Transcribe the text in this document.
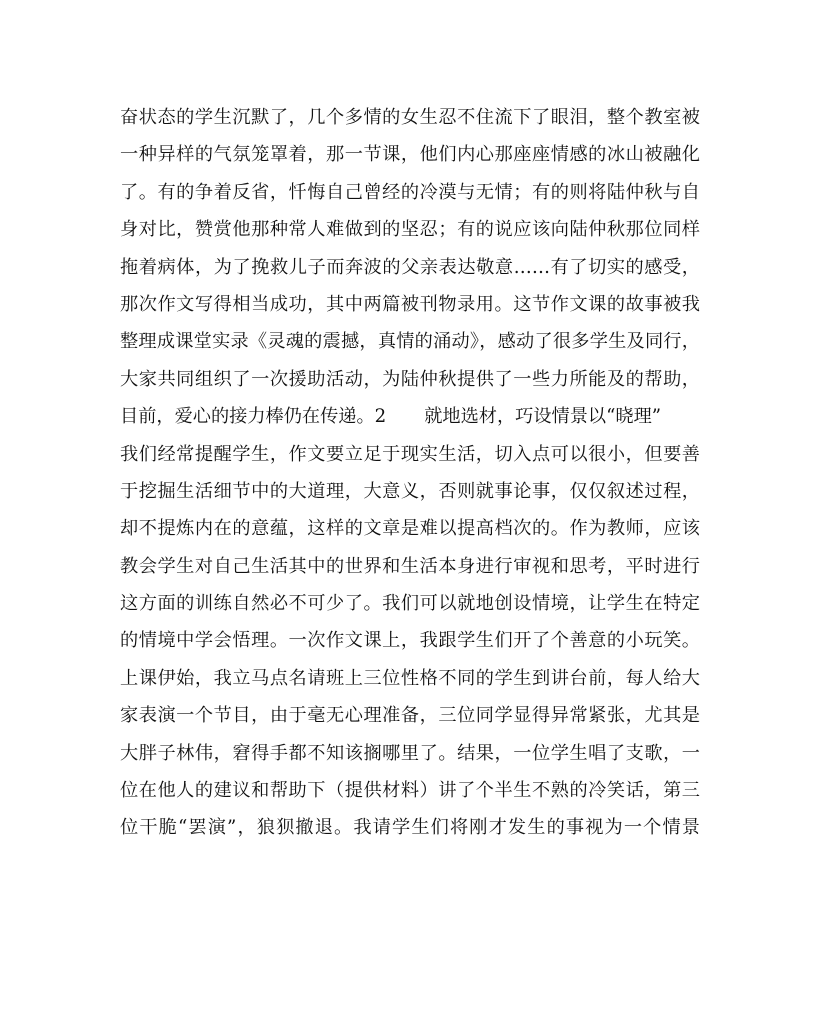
奋状态的学生沉默了，几个多情的女生忍不住流下了眼泪，整个教室被
一种异样的气氛笼罩着，那一节课，他们内心那座座情感的冰山被融化
了。有的争着反省，忏悔自己曾经的冷漠与无情；有的则将陆仲秋与自
身对比，赞赏他那种常人难做到的坚忍；有的说应该向陆仲秋那位同样
拖着病体，为了挽救儿子而奔波的父亲表达敬意……有了切实的感受，
那次作文写得相当成功，其中两篇被刊物录用。这节作文课的故事被我
整理成课堂实录《灵魂的震撼，真情的涌动》，感动了很多学生及同行，
大家共同组织了一次援助活动，为陆仲秋提供了一些力所能及的帮助，
目前，爱心的接力棒仍在传递。2 就地选材，巧设情景以“晓理”
我们经常提醒学生，作文要立足于现实生活，切入点可以很小，但要善
于挖掘生活细节中的大道理，大意义，否则就事论事，仅仅叙述过程，
却不提炼内在的意蕴，这样的文章是难以提高档次的。作为教师，应该
教会学生对自己生活其中的世界和生活本身进行审视和思考，平时进行
这方面的训练自然必不可少了。我们可以就地创设情境，让学生在特定
的情境中学会悟理。一次作文课上，我跟学生们开了个善意的小玩笑。
上课伊始，我立马点名请班上三位性格不同的学生到讲台前，每人给大
家表演一个节目，由于毫无心理准备，三位同学显得异常紧张，尤其是
大胖子林伟，窘得手都不知该搁哪里了。结果，一位学生唱了支歌，一
位在他人的建议和帮助下（提供材料）讲了个半生不熟的冷笑话，第三
位干脆“罢演”，狼狈撤退。我请学生们将刚才发生的事视为一个情景
